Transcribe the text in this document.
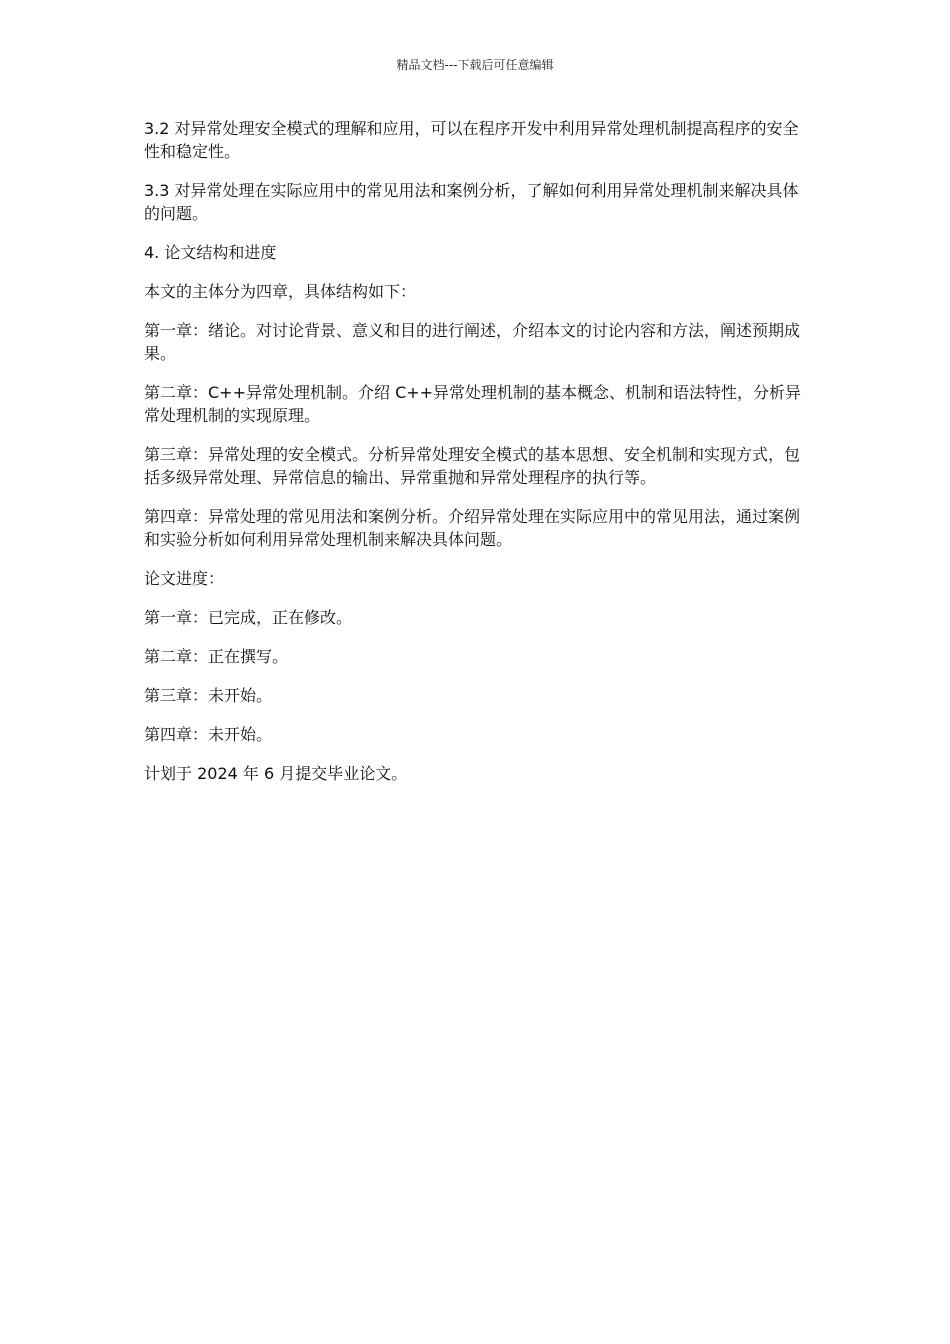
精品文档---下载后可任意编辑

3.2 对异常处理安全模式的理解和应用，可以在程序开发中利用异常处理机制提高程序的安全性和稳定性。

3.3 对异常处理在实际应用中的常见用法和案例分析，了解如何利用异常处理机制来解决具体的问题。

4. 论文结构和进度

本文的主体分为四章，具体结构如下：

第一章：绪论。对讨论背景、意义和目的进行阐述，介绍本文的讨论内容和方法，阐述预期成果。

第二章：C++异常处理机制。介绍 C++异常处理机制的基本概念、机制和语法特性，分析异常处理机制的实现原理。

第三章：异常处理的安全模式。分析异常处理安全模式的基本思想、安全机制和实现方式，包括多级异常处理、异常信息的输出、异常重抛和异常处理程序的执行等。

第四章：异常处理的常见用法和案例分析。介绍异常处理在实际应用中的常见用法，通过案例和实验分析如何利用异常处理机制来解决具体问题。

论文进度：

第一章：已完成，正在修改。

第二章：正在撰写。

第三章：未开始。

第四章：未开始。

计划于 2024 年 6 月提交毕业论文。
